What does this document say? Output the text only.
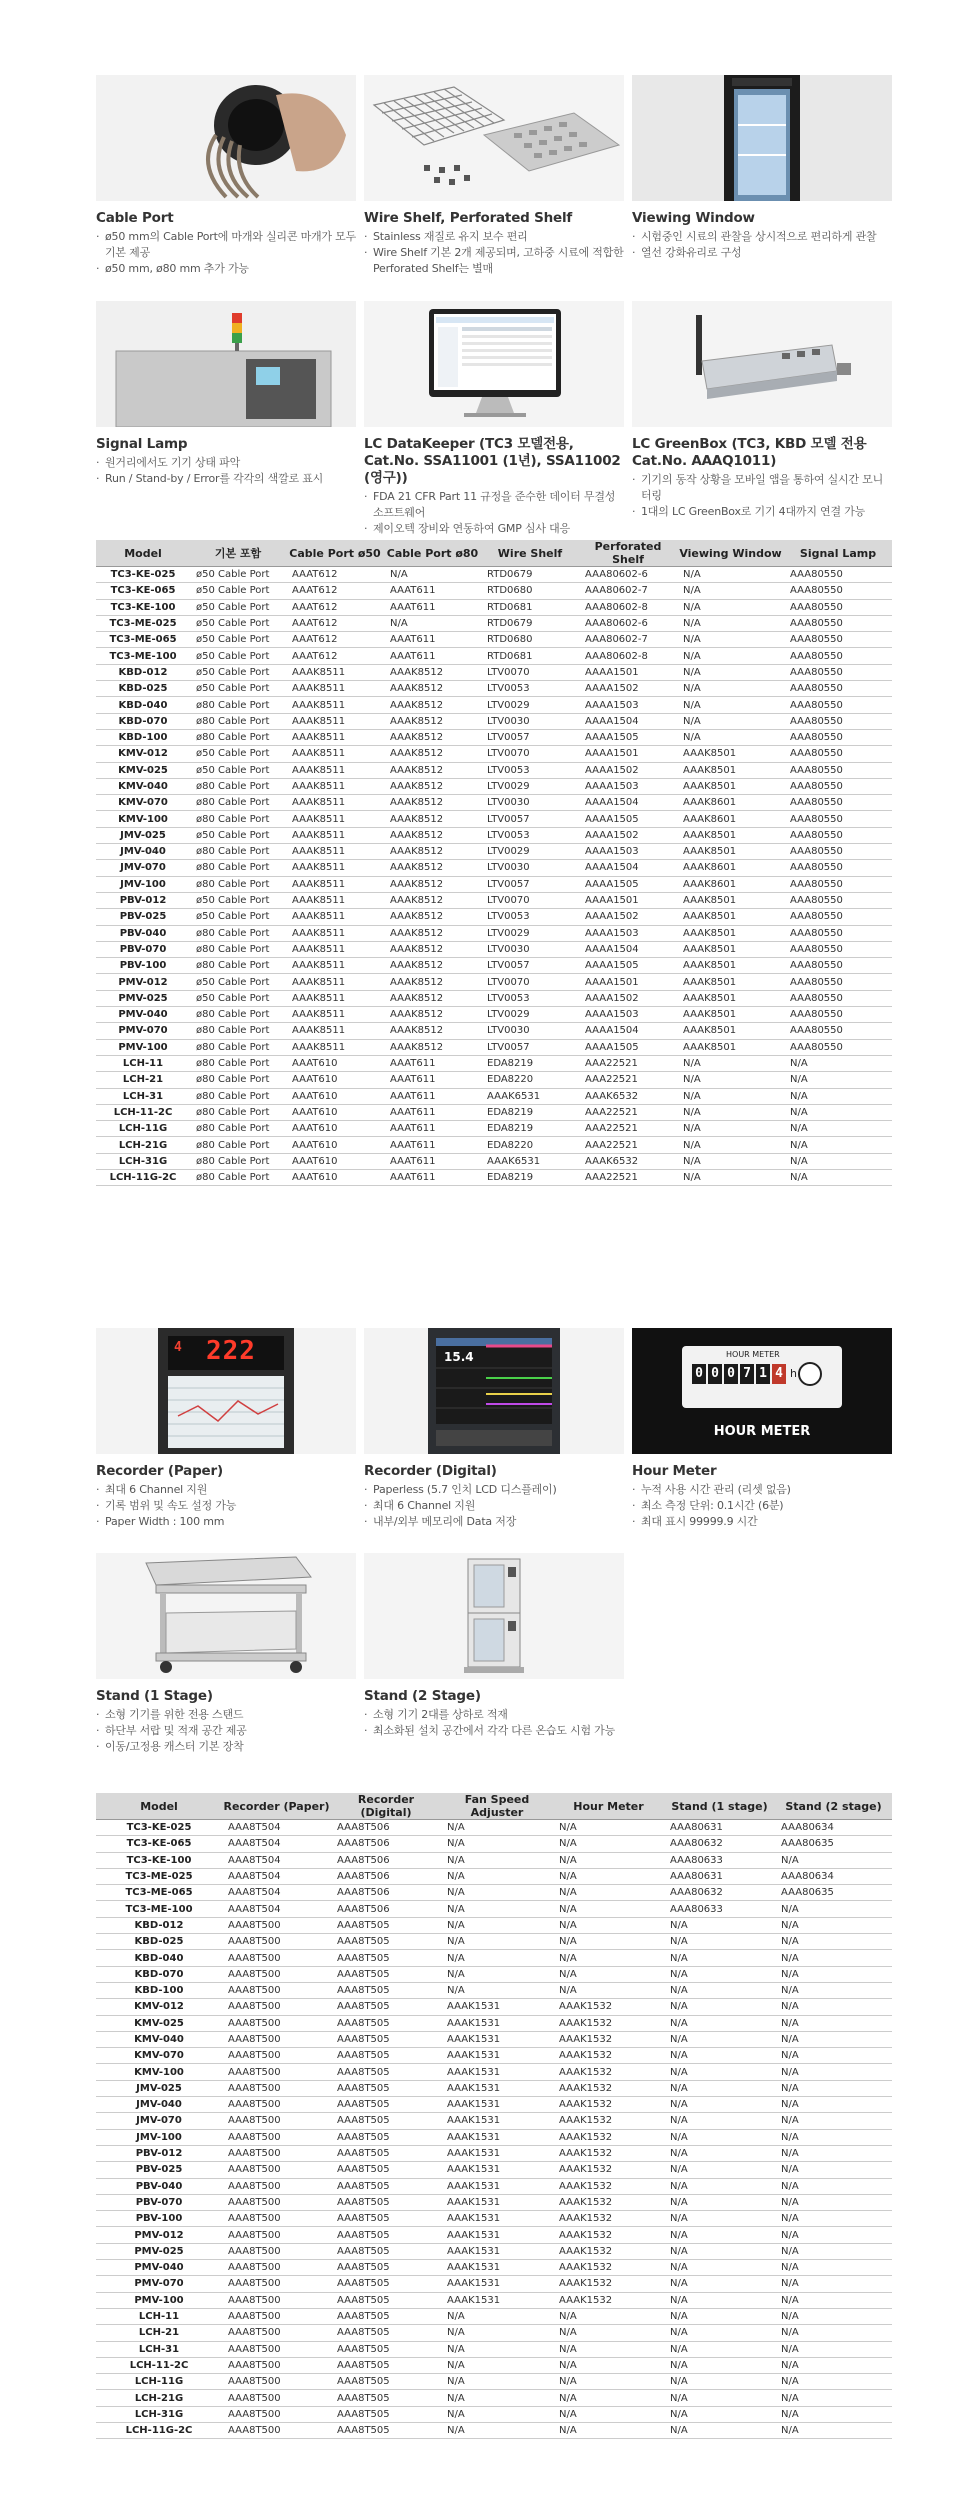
Cable Port
· ø50 mm의 Cable Port에 마개와 실리콘 마개가 모두 기본 제공
· ø50 mm, ø80 mm 추가 가능
Wire Shelf, Perforated Shelf
· Stainless 재질로 유지 보수 편리
· Wire Shelf 기본 2개 제공되며, 고하중 시료에 적합한 Perforated Shelf는 별매
Viewing Window
· 시험중인 시료의 관찰을 상시적으로 편리하게 관찰
· 열선 강화유리로 구성
Signal Lamp
· 원거리에서도 기기 상태 파악
· Run / Stand-by / Error를 각각의 색깔로 표시
LC DataKeeper (TC3 모델전용, Cat.No. SSA11001 (1년), SSA11002 (영구))
· FDA 21 CFR Part 11 규정을 준수한 데이터 무결성 소프트웨어
· 제이오텍 장비와 연동하여 GMP 심사 대응
LC GreenBox (TC3, KBD 모델 전용 Cat.No. AAAQ1011)
· 기기의 동작 상황을 모바일 앱을 통하여 실시간 모니터링
· 1대의 LC GreenBox로 기기 4대까지 연결 가능
Model	기본 포함	Cable Port ø50	Cable Port ø80	Wire Shelf	Perforated Shelf	Viewing Window	Signal Lamp
TC3-KE-025	ø50 Cable Port	AAAT612	N/A	RTD0679	AAA80602-6	N/A	AAA80550
TC3-KE-065	ø50 Cable Port	AAAT612	AAAT611	RTD0680	AAA80602-7	N/A	AAA80550
TC3-KE-100	ø50 Cable Port	AAAT612	AAAT611	RTD0681	AAA80602-8	N/A	AAA80550
TC3-ME-025	ø50 Cable Port	AAAT612	N/A	RTD0679	AAA80602-6	N/A	AAA80550
TC3-ME-065	ø50 Cable Port	AAAT612	AAAT611	RTD0680	AAA80602-7	N/A	AAA80550
TC3-ME-100	ø50 Cable Port	AAAT612	AAAT611	RTD0681	AAA80602-8	N/A	AAA80550
KBD-012	ø50 Cable Port	AAAK8511	AAAK8512	LTV0070	AAAA1501	N/A	AAA80550
KBD-025	ø50 Cable Port	AAAK8511	AAAK8512	LTV0053	AAAA1502	N/A	AAA80550
KBD-040	ø80 Cable Port	AAAK8511	AAAK8512	LTV0029	AAAA1503	N/A	AAA80550
KBD-070	ø80 Cable Port	AAAK8511	AAAK8512	LTV0030	AAAA1504	N/A	AAA80550
KBD-100	ø80 Cable Port	AAAK8511	AAAK8512	LTV0057	AAAA1505	N/A	AAA80550
KMV-012	ø50 Cable Port	AAAK8511	AAAK8512	LTV0070	AAAA1501	AAAK8501	AAA80550
KMV-025	ø50 Cable Port	AAAK8511	AAAK8512	LTV0053	AAAA1502	AAAK8501	AAA80550
KMV-040	ø80 Cable Port	AAAK8511	AAAK8512	LTV0029	AAAA1503	AAAK8501	AAA80550
KMV-070	ø80 Cable Port	AAAK8511	AAAK8512	LTV0030	AAAA1504	AAAK8601	AAA80550
KMV-100	ø80 Cable Port	AAAK8511	AAAK8512	LTV0057	AAAA1505	AAAK8601	AAA80550
JMV-025	ø50 Cable Port	AAAK8511	AAAK8512	LTV0053	AAAA1502	AAAK8501	AAA80550
JMV-040	ø80 Cable Port	AAAK8511	AAAK8512	LTV0029	AAAA1503	AAAK8501	AAA80550
JMV-070	ø80 Cable Port	AAAK8511	AAAK8512	LTV0030	AAAA1504	AAAK8601	AAA80550
JMV-100	ø80 Cable Port	AAAK8511	AAAK8512	LTV0057	AAAA1505	AAAK8601	AAA80550
PBV-012	ø50 Cable Port	AAAK8511	AAAK8512	LTV0070	AAAA1501	AAAK8501	AAA80550
PBV-025	ø50 Cable Port	AAAK8511	AAAK8512	LTV0053	AAAA1502	AAAK8501	AAA80550
PBV-040	ø80 Cable Port	AAAK8511	AAAK8512	LTV0029	AAAA1503	AAAK8501	AAA80550
PBV-070	ø80 Cable Port	AAAK8511	AAAK8512	LTV0030	AAAA1504	AAAK8501	AAA80550
PBV-100	ø80 Cable Port	AAAK8511	AAAK8512	LTV0057	AAAA1505	AAAK8501	AAA80550
PMV-012	ø50 Cable Port	AAAK8511	AAAK8512	LTV0070	AAAA1501	AAAK8501	AAA80550
PMV-025	ø50 Cable Port	AAAK8511	AAAK8512	LTV0053	AAAA1502	AAAK8501	AAA80550
PMV-040	ø80 Cable Port	AAAK8511	AAAK8512	LTV0029	AAAA1503	AAAK8501	AAA80550
PMV-070	ø80 Cable Port	AAAK8511	AAAK8512	LTV0030	AAAA1504	AAAK8501	AAA80550
PMV-100	ø80 Cable Port	AAAK8511	AAAK8512	LTV0057	AAAA1505	AAAK8501	AAA80550
LCH-11	ø80 Cable Port	AAAT610	AAAT611	EDA8219	AAA22521	N/A	N/A
LCH-21	ø80 Cable Port	AAAT610	AAAT611	EDA8220	AAA22521	N/A	N/A
LCH-31	ø80 Cable Port	AAAT610	AAAT611	AAAK6531	AAAK6532	N/A	N/A
LCH-11-2C	ø80 Cable Port	AAAT610	AAAT611	EDA8219	AAA22521	N/A	N/A
LCH-11G	ø80 Cable Port	AAAT610	AAAT611	EDA8219	AAA22521	N/A	N/A
LCH-21G	ø80 Cable Port	AAAT610	AAAT611	EDA8220	AAA22521	N/A	N/A
LCH-31G	ø80 Cable Port	AAAT610	AAAT611	AAAK6531	AAAK6532	N/A	N/A
LCH-11G-2C	ø80 Cable Port	AAAT610	AAAT611	EDA8219	AAA22521	N/A	N/A
4 222
Recorder (Paper)
· 최대 6 Channel 지원
· 기록 범위 및 속도 설정 가능
· Paper Width : 100 mm
15.4
Recorder (Digital)
· Paperless (5.7 인치 LCD 디스플레이)
· 최대 6 Channel 지원
· 내부/외부 메모리에 Data 저장
HOUR METER
0 0 0 7 1 4 h
HOUR METER
Hour Meter
· 누적 사용 시간 관리 (리셋 없음)
· 최소 측정 단위: 0.1시간 (6분)
· 최대 표시 99999.9 시간
Stand (1 Stage)
· 소형 기기를 위한 전용 스탠드
· 하단부 서랍 및 적재 공간 제공
· 이동/고정용 캐스터 기본 장착
Stand (2 Stage)
· 소형 기기 2대를 상하로 적재
· 최소화된 설치 공간에서 각각 다른 온습도 시험 가능
Model	Recorder (Paper)	Recorder (Digital)	Fan Speed Adjuster	Hour Meter	Stand (1 stage)	Stand (2 stage)
TC3-KE-025	AAA8T504	AAA8T506	N/A	N/A	AAA80631	AAA80634
TC3-KE-065	AAA8T504	AAA8T506	N/A	N/A	AAA80632	AAA80635
TC3-KE-100	AAA8T504	AAA8T506	N/A	N/A	AAA80633	N/A
TC3-ME-025	AAA8T504	AAA8T506	N/A	N/A	AAA80631	AAA80634
TC3-ME-065	AAA8T504	AAA8T506	N/A	N/A	AAA80632	AAA80635
TC3-ME-100	AAA8T504	AAA8T506	N/A	N/A	AAA80633	N/A
KBD-012	AAA8T500	AAA8T505	N/A	N/A	N/A	N/A
KBD-025	AAA8T500	AAA8T505	N/A	N/A	N/A	N/A
KBD-040	AAA8T500	AAA8T505	N/A	N/A	N/A	N/A
KBD-070	AAA8T500	AAA8T505	N/A	N/A	N/A	N/A
KBD-100	AAA8T500	AAA8T505	N/A	N/A	N/A	N/A
KMV-012	AAA8T500	AAA8T505	AAAK1531	AAAK1532	N/A	N/A
KMV-025	AAA8T500	AAA8T505	AAAK1531	AAAK1532	N/A	N/A
KMV-040	AAA8T500	AAA8T505	AAAK1531	AAAK1532	N/A	N/A
KMV-070	AAA8T500	AAA8T505	AAAK1531	AAAK1532	N/A	N/A
KMV-100	AAA8T500	AAA8T505	AAAK1531	AAAK1532	N/A	N/A
JMV-025	AAA8T500	AAA8T505	AAAK1531	AAAK1532	N/A	N/A
JMV-040	AAA8T500	AAA8T505	AAAK1531	AAAK1532	N/A	N/A
JMV-070	AAA8T500	AAA8T505	AAAK1531	AAAK1532	N/A	N/A
JMV-100	AAA8T500	AAA8T505	AAAK1531	AAAK1532	N/A	N/A
PBV-012	AAA8T500	AAA8T505	AAAK1531	AAAK1532	N/A	N/A
PBV-025	AAA8T500	AAA8T505	AAAK1531	AAAK1532	N/A	N/A
PBV-040	AAA8T500	AAA8T505	AAAK1531	AAAK1532	N/A	N/A
PBV-070	AAA8T500	AAA8T505	AAAK1531	AAAK1532	N/A	N/A
PBV-100	AAA8T500	AAA8T505	AAAK1531	AAAK1532	N/A	N/A
PMV-012	AAA8T500	AAA8T505	AAAK1531	AAAK1532	N/A	N/A
PMV-025	AAA8T500	AAA8T505	AAAK1531	AAAK1532	N/A	N/A
PMV-040	AAA8T500	AAA8T505	AAAK1531	AAAK1532	N/A	N/A
PMV-070	AAA8T500	AAA8T505	AAAK1531	AAAK1532	N/A	N/A
PMV-100	AAA8T500	AAA8T505	AAAK1531	AAAK1532	N/A	N/A
LCH-11	AAA8T500	AAA8T505	N/A	N/A	N/A	N/A
LCH-21	AAA8T500	AAA8T505	N/A	N/A	N/A	N/A
LCH-31	AAA8T500	AAA8T505	N/A	N/A	N/A	N/A
LCH-11-2C	AAA8T500	AAA8T505	N/A	N/A	N/A	N/A
LCH-11G	AAA8T500	AAA8T505	N/A	N/A	N/A	N/A
LCH-21G	AAA8T500	AAA8T505	N/A	N/A	N/A	N/A
LCH-31G	AAA8T500	AAA8T505	N/A	N/A	N/A	N/A
LCH-11G-2C	AAA8T500	AAA8T505	N/A	N/A	N/A	N/A
